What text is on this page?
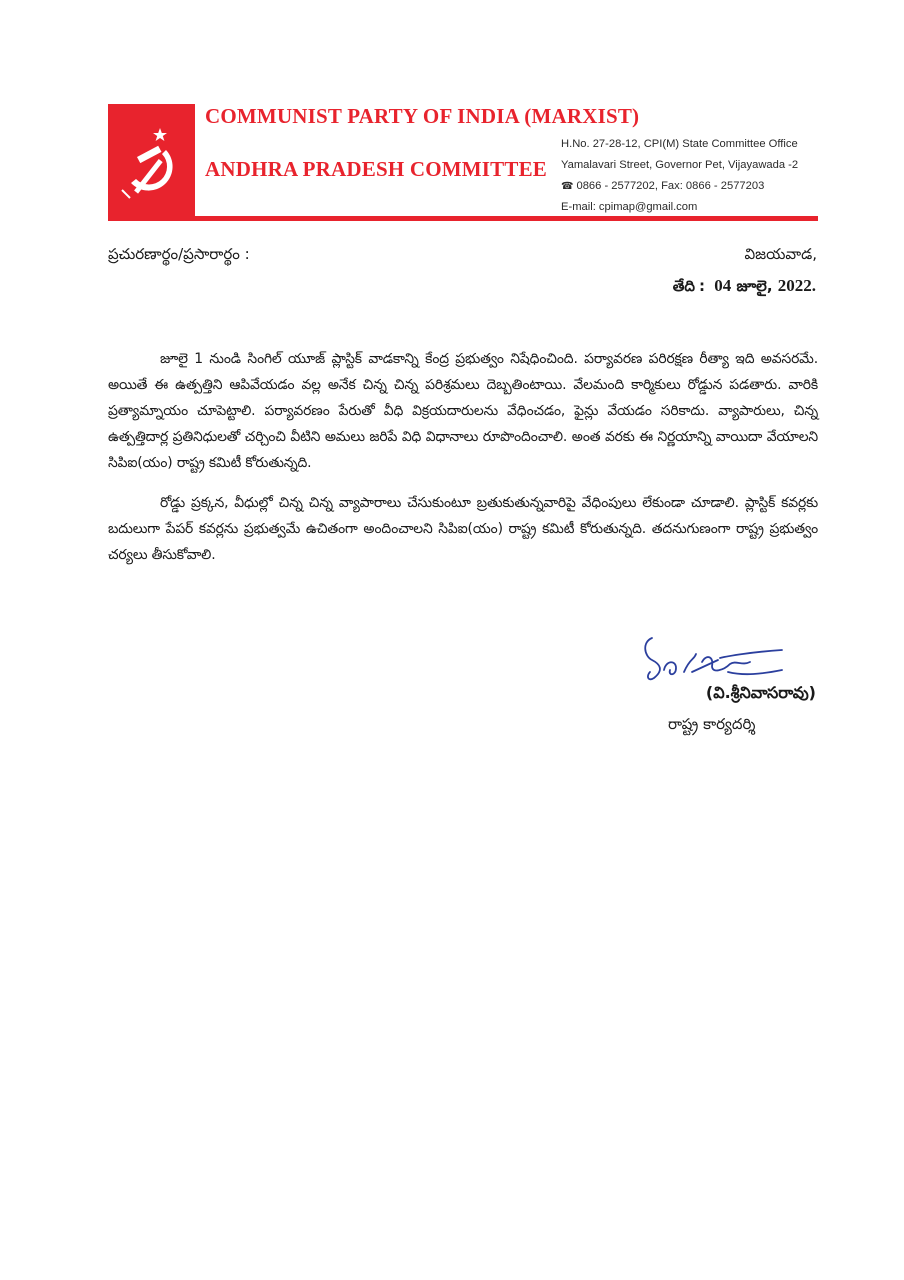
COMMUNIST PARTY OF INDIA (MARXIST)
ANDHRA PRADESH COMMITTEE
H.No. 27-28-12, CPI(M) State Committee Office
Yamalavari Street, Governor Pet, Vijayawada -2
☎ 0866 - 2577202, Fax: 0866 - 2577203
E-mail: cpimap@gmail.com
ప్రచురణార్థం/ప్రసారార్థం :	విజయవాడ,
తేది : 04 జూలై, 2022.

జూలై 1 నుండి సింగిల్ యూజ్ ప్లాస్టిక్ వాడకాన్ని కేంద్ర ప్రభుత్వం నిషేధించింది. పర్యావరణ పరిరక్షణ రీత్యా ఇది అవసరమే. అయితే ఈ ఉత్పత్తిని ఆపివేయడం వల్ల అనేక చిన్న చిన్న పరిశ్రమలు దెబ్బతింటాయి. వేలమంది కార్మికులు రోడ్డున పడతారు. వారికి ప్రత్యామ్నాయం చూపెట్టాలి. పర్యావరణం పేరుతో వీధి విక్రయదారులను వేధించడం, ఫైన్లు వేయడం సరికాదు. వ్యాపారులు, చిన్న ఉత్పత్తిదార్ల ప్రతినిధులతో చర్చించి వీటిని అమలు జరిపే విధి విధానాలు రూపొందించాలి. అంత వరకు ఈ నిర్ణయాన్ని వాయిదా వేయాలని సిపిఐ(యం) రాష్ట్ర కమిటీ కోరుతున్నది.

రోడ్డు ప్రక్కన, వీధుల్లో చిన్న చిన్న వ్యాపారాలు చేసుకుంటూ బ్రతుకుతున్నవారిపై వేధింపులు లేకుండా చూడాలి. ప్లాస్టిక్ కవర్లకు బదులుగా పేపర్ కవర్లను ప్రభుత్వమే ఉచితంగా అందించాలని సిపిఐ(యం) రాష్ట్ర కమిటీ కోరుతున్నది. తదనుగుణంగా రాష్ట్ర ప్రభుత్వం చర్యలు తీసుకోవాలి.

(వి.శ్రీనివాసరావు)
రాష్ట్ర కార్యదర్శి
